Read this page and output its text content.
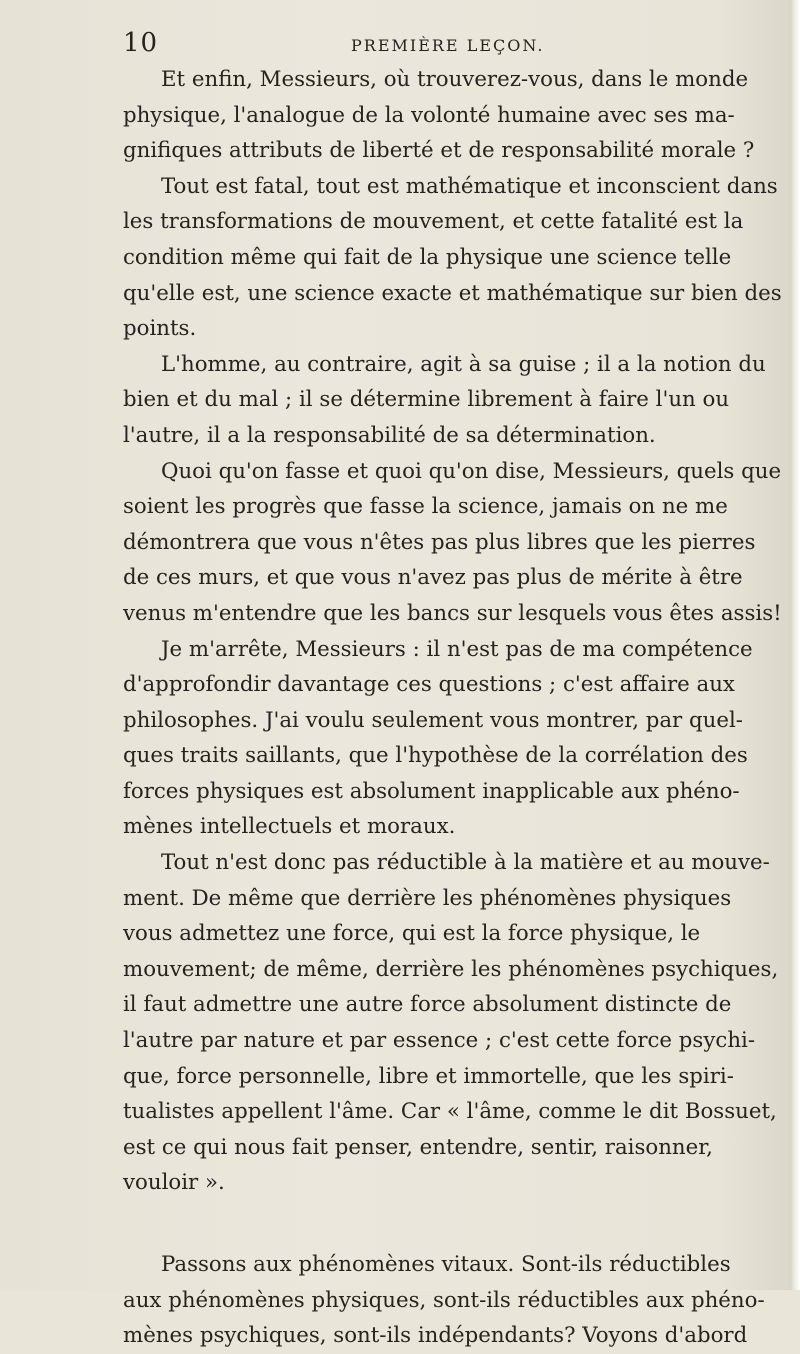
10	PREMIÈRE LEÇON.
Et enfin, Messieurs, où trouverez-vous, dans le monde
physique, l'analogue de la volonté humaine avec ses ma-
gnifiques attributs de liberté et de responsabilité morale ?
Tout est fatal, tout est mathématique et inconscient dans
les transformations de mouvement, et cette fatalité est la
condition même qui fait de la physique une science telle
qu'elle est, une science exacte et mathématique sur bien des
points.
L'homme, au contraire, agit à sa guise ; il a la notion du
bien et du mal ; il se détermine librement à faire l'un ou
l'autre, il a la responsabilité de sa détermination.
Quoi qu'on fasse et quoi qu'on dise, Messieurs, quels que
soient les progrès que fasse la science, jamais on ne me
démontrera que vous n'êtes pas plus libres que les pierres
de ces murs, et que vous n'avez pas plus de mérite à être
venus m'entendre que les bancs sur lesquels vous êtes assis!
Je m'arrête, Messieurs : il n'est pas de ma compétence
d'approfondir davantage ces questions ; c'est affaire aux
philosophes. J'ai voulu seulement vous montrer, par quel-
ques traits saillants, que l'hypothèse de la corrélation des
forces physiques est absolument inapplicable aux phéno-
mènes intellectuels et moraux.
Tout n'est donc pas réductible à la matière et au mouve-
ment. De même que derrière les phénomènes physiques
vous admettez une force, qui est la force physique, le
mouvement; de même, derrière les phénomènes psychiques,
il faut admettre une autre force absolument distincte de
l'autre par nature et par essence ; c'est cette force psychi-
que, force personnelle, libre et immortelle, que les spiri-
tualistes appellent l'âme. Car « l'âme, comme le dit Bossuet,
est ce qui nous fait penser, entendre, sentir, raisonner,
vouloir ».
Passons aux phénomènes vitaux. Sont-ils réductibles
aux phénomènes physiques, sont-ils réductibles aux phéno-
mènes psychiques, sont-ils indépendants? Voyons d'abord
